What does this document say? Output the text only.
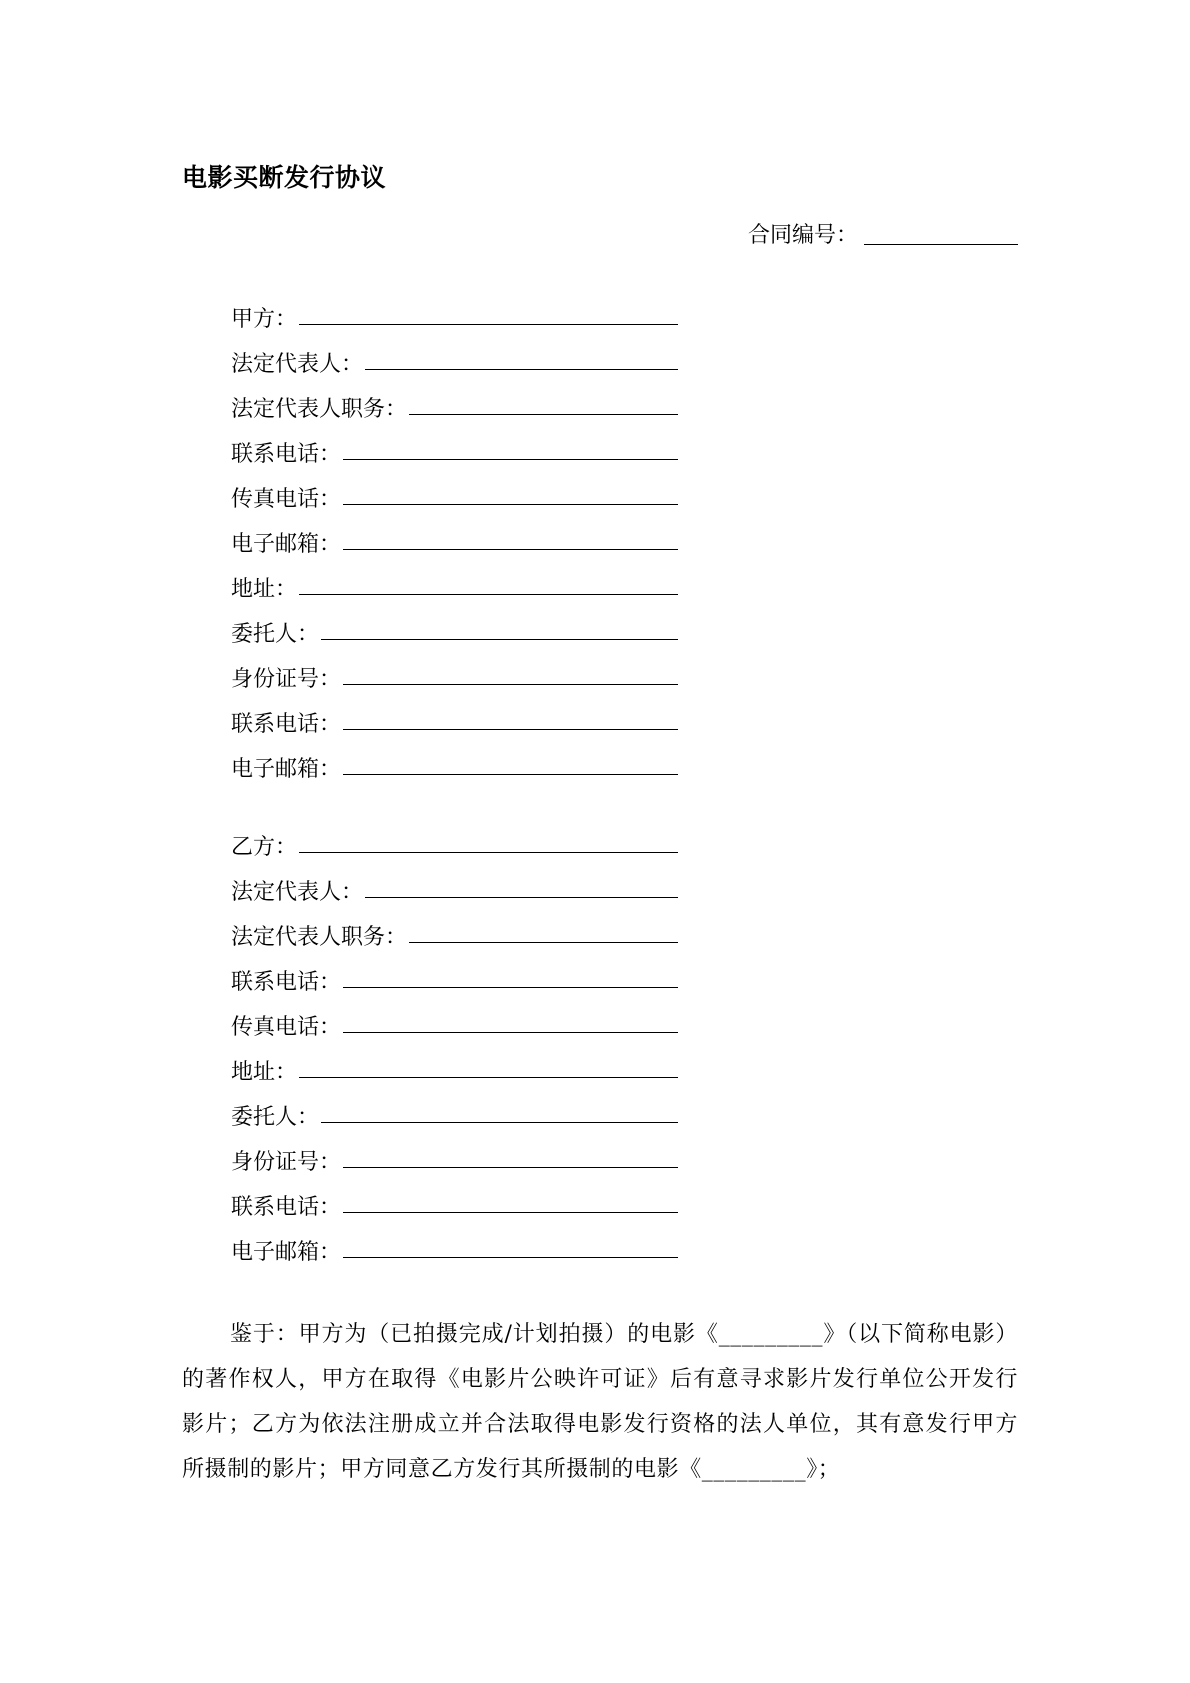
电影买断发行协议
合同编号：
甲方：
法定代表人：
法定代表人职务：
联系电话：
传真电话：
电子邮箱：
地址：
委托人：
身份证号：
联系电话：
电子邮箱：
乙方：
法定代表人：
法定代表人职务：
联系电话：
传真电话：
地址：
委托人：
身份证号：
联系电话：
电子邮箱：

鉴于：甲方为（已拍摄完成/计划拍摄）的电影《_________》（以下简称电影）的著作权人，甲方在取得《电影片公映许可证》后有意寻求影片发行单位公开发行影片；乙方为依法注册成立并合法取得电影发行资格的法人单位，其有意发行甲方所摄制的影片；甲方同意乙方发行其所摄制的电影《_________》；
